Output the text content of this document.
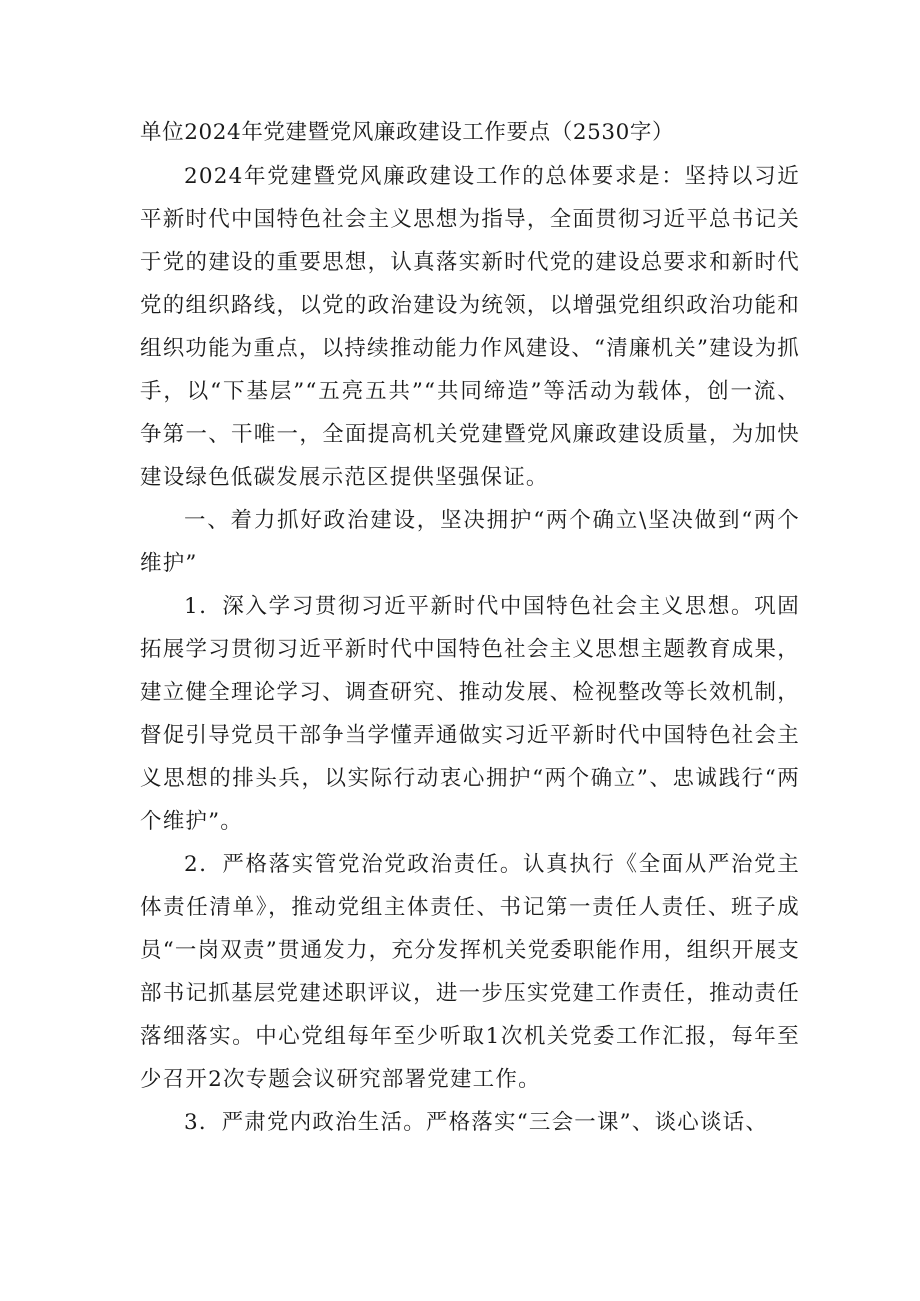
单位2024年党建暨党风廉政建设工作要点（2530字）

2024年党建暨党风廉政建设工作的总体要求是：坚持以习近平新时代中国特色社会主义思想为指导，全面贯彻习近平总书记关于党的建设的重要思想，认真落实新时代党的建设总要求和新时代党的组织路线，以党的政治建设为统领，以增强党组织政治功能和组织功能为重点，以持续推动能力作风建设、“清廉机关”建设为抓手，以“下基层”“五亮五共”“共同缔造”等活动为载体，创一流、争第一、干唯一，全面提高机关党建暨党风廉政建设质量，为加快建设绿色低碳发展示范区提供坚强保证。

一、着力抓好政治建设，坚决拥护“两个确立\坚决做到“两个维护”

1．深入学习贯彻习近平新时代中国特色社会主义思想。巩固拓展学习贯彻习近平新时代中国特色社会主义思想主题教育成果，建立健全理论学习、调查研究、推动发展、检视整改等长效机制，督促引导党员干部争当学懂弄通做实习近平新时代中国特色社会主义思想的排头兵，以实际行动衷心拥护“两个确立”、忠诚践行“两个维护”。

2．严格落实管党治党政治责任。认真执行《全面从严治党主体责任清单》，推动党组主体责任、书记第一责任人责任、班子成员“一岗双责”贯通发力，充分发挥机关党委职能作用，组织开展支部书记抓基层党建述职评议，进一步压实党建工作责任，推动责任落细落实。中心党组每年至少听取1次机关党委工作汇报，每年至少召开2次专题会议研究部署党建工作。

3．严肃党内政治生活。严格落实“三会一课”、谈心谈话、
